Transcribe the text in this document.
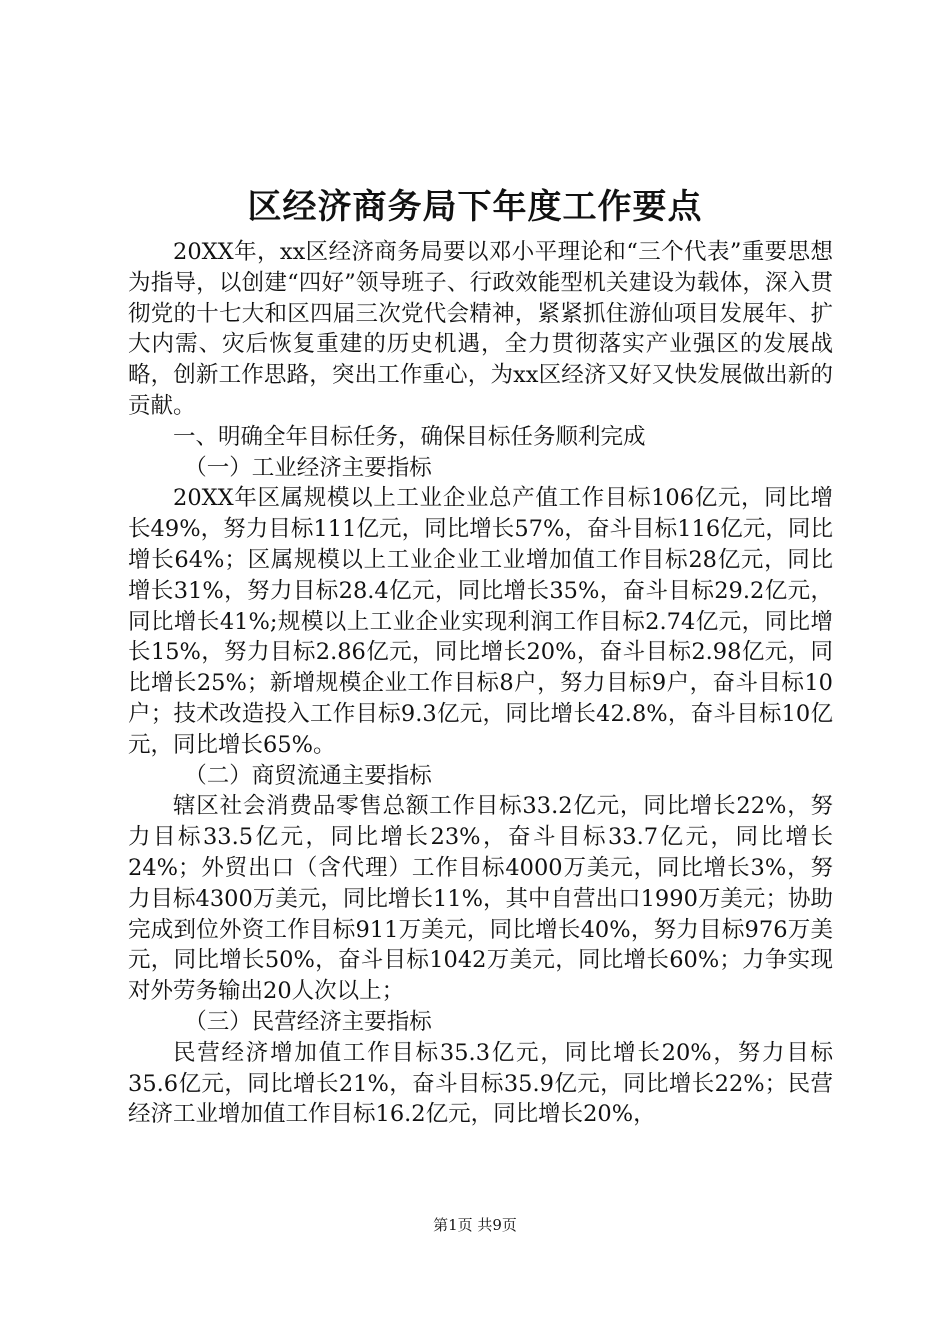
区经济商务局下年度工作要点

20XX年，xx区经济商务局要以邓小平理论和“三个代表”重要思想为指导，以创建“四好”领导班子、行政效能型机关建设为载体，深入贯彻党的十七大和区四届三次党代会精神，紧紧抓住游仙项目发展年、扩大内需、灾后恢复重建的历史机遇，全力贯彻落实产业强区的发展战略，创新工作思路，突出工作重心，为xx区经济又好又快发展做出新的贡献。

一、明确全年目标任务，确保目标任务顺利完成

（一）工业经济主要指标

20XX年区属规模以上工业企业总产值工作目标106亿元，同比增长49%，努力目标111亿元，同比增长57%，奋斗目标116亿元，同比增长64%；区属规模以上工业企业工业增加值工作目标28亿元，同比增长31%，努力目标28.4亿元，同比增长35%，奋斗目标29.2亿元，同比增长41%;规模以上工业企业实现利润工作目标2.74亿元，同比增长15%，努力目标2.86亿元，同比增长20%，奋斗目标2.98亿元，同比增长25%；新增规模企业工作目标8户，努力目标9户，奋斗目标10户；技术改造投入工作目标9.3亿元，同比增长42.8%，奋斗目标10亿元，同比增长65%。

（二）商贸流通主要指标

辖区社会消费品零售总额工作目标33.2亿元，同比增长22%，努力目标33.5亿元，同比增长23%，奋斗目标33.7亿元，同比增长24%；外贸出口（含代理）工作目标4000万美元，同比增长3%，努力目标4300万美元，同比增长11%，其中自营出口1990万美元；协助完成到位外资工作目标911万美元，同比增长40%，努力目标976万美元，同比增长50%，奋斗目标1042万美元，同比增长60%；力争实现对外劳务输出20人次以上；

（三）民营经济主要指标

民营经济增加值工作目标35.3亿元，同比增长20%，努力目标35.6亿元，同比增长21%，奋斗目标35.9亿元，同比增长22%；民营经济工业增加值工作目标16.2亿元，同比增长20%，

第1页 共9页
